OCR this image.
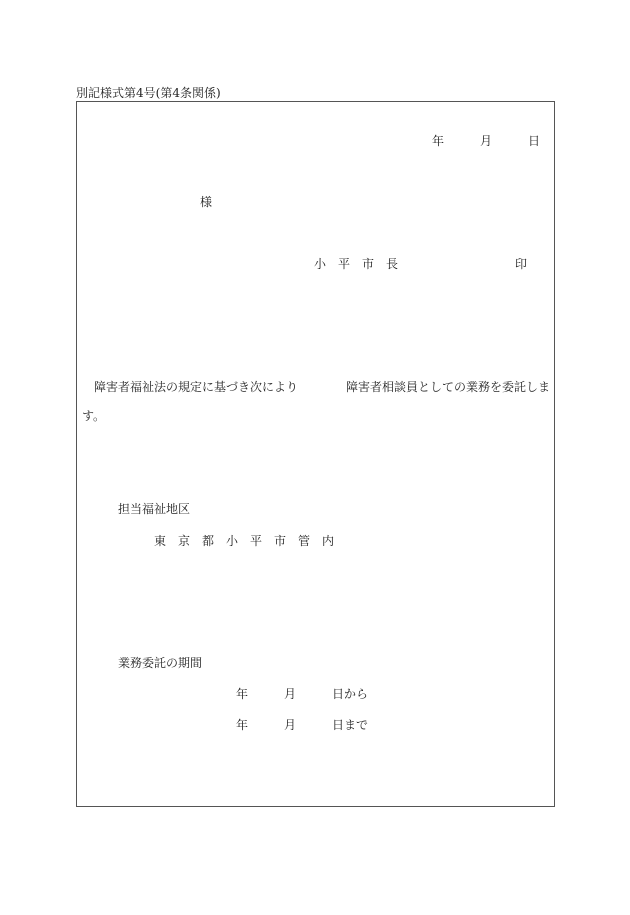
別記様式第4号(第4条関係)
年	月	日
様
小　平　市　長	印
障害者福祉法の規定に基づき次により	障害者相談員としての業務を委託しま
す。
担当福祉地区
東　京　都　小　平　市　管　内
業務委託の期間
年	月	日から
年	月	日まで
